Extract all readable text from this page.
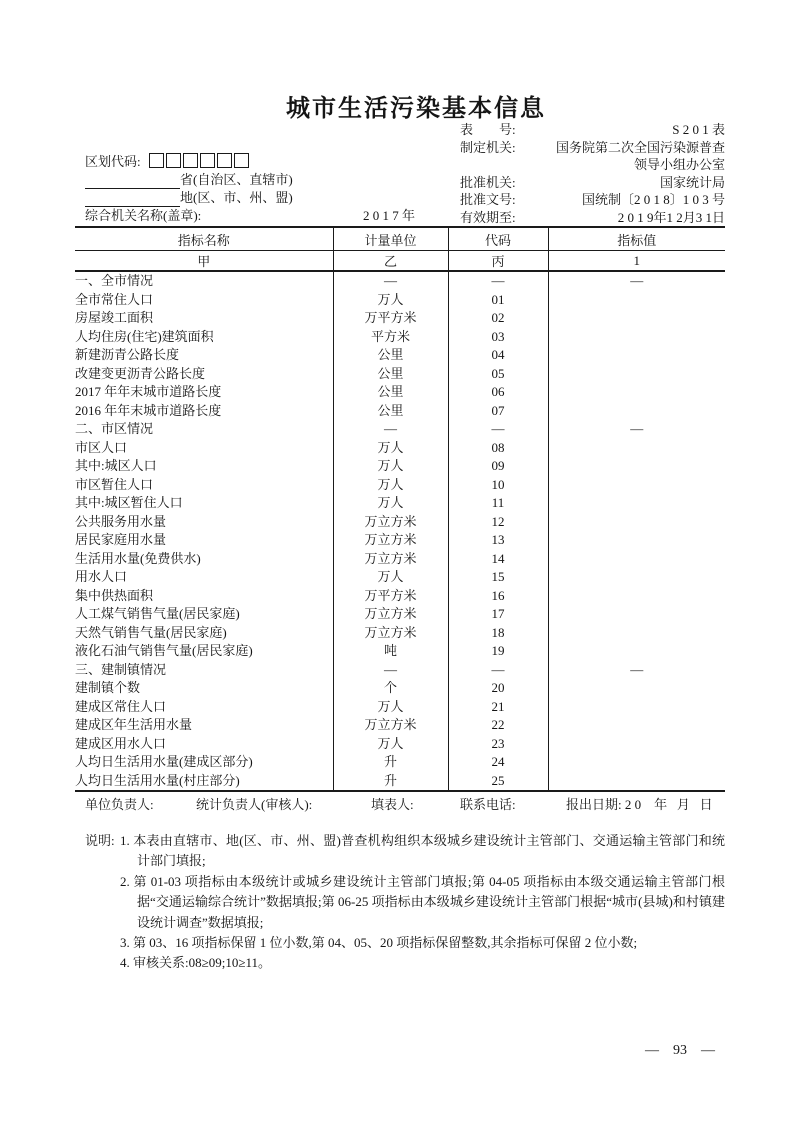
城市生活污染基本信息
表　　号:	S 2 0 1 表
制定机关:	国务院第二次全国污染源普查
领导小组办公室
批准机关:	国家统计局
批准文号:	国统制〔2 0 1 8〕1 0 3 号
有效期至:	2 0 1 9年1 2月3 1日
区划代码:
省(自治区、直辖市)
地(区、市、州、盟)
综合机关名称(盖章):	2 0 1 7 年
指标名称	计量单位	代码	指标值
甲	乙	丙	1
一、全市情况	—	—	—
全市常住人口	万人	01	
房屋竣工面积	万平方米	02	
人均住房(住宅)建筑面积	平方米	03	
新建沥青公路长度	公里	04	
改建变更沥青公路长度	公里	05	
2017 年年末城市道路长度	公里	06	
2016 年年末城市道路长度	公里	07	
二、市区情况	—	—	—
市区人口	万人	08	
其中:城区人口	万人	09	
市区暂住人口	万人	10	
其中:城区暂住人口	万人	11	
公共服务用水量	万立方米	12	
居民家庭用水量	万立方米	13	
生活用水量(免费供水)	万立方米	14	
用水人口	万人	15	
集中供热面积	万平方米	16	
人工煤气销售气量(居民家庭)	万立方米	17	
天然气销售气量(居民家庭)	万立方米	18	
液化石油气销售气量(居民家庭)	吨	19	
三、建制镇情况	—	—	—
建制镇个数	个	20	
建成区常住人口	万人	21	
建成区年生活用水量	万立方米	22	
建成区用水人口	万人	23	
人均日生活用水量(建成区部分)	升	24	
人均日生活用水量(村庄部分)	升	25	
单位负责人:	统计负责人(审核人):	填表人:	联系电话:	报出日期: 2 0    年   月   日
说明: 1. 本表由直辖市、地(区、市、州、盟)普查机构组织本级城乡建设统计主管部门、交通运输主管部门和统计部门填报;
2. 第 01-03 项指标由本级统计或城乡建设统计主管部门填报;第 04-05 项指标由本级交通运输主管部门根据“交通运输综合统计”数据填报;第 06-25 项指标由本级城乡建设统计主管部门根据“城市(县城)和村镇建设统计调查”数据填报;
3. 第 03、16 项指标保留 1 位小数,第 04、05、20 项指标保留整数,其余指标可保留 2 位小数;
4. 审核关系:08≥09;10≥11。
— 93 —
